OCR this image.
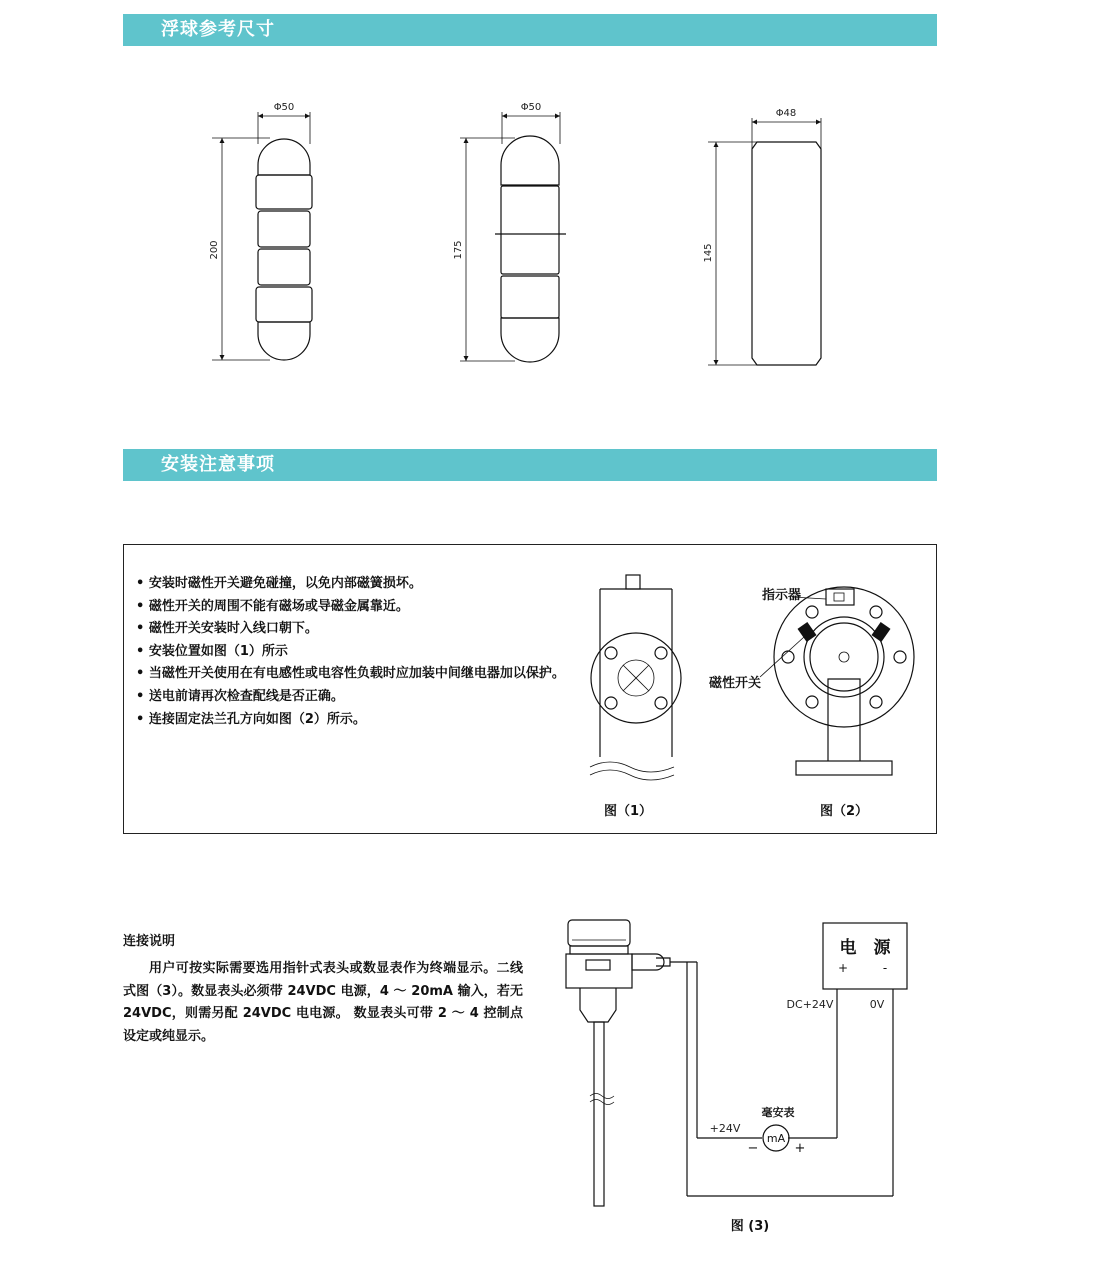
浮球参考尺寸
Φ50
200
Φ50
175
Φ48
145
安装注意事项
• 安装时磁性开关避免碰撞，以免内部磁簧损坏。
• 磁性开关的周围不能有磁场或导磁金属靠近。
• 磁性开关安装时入线口朝下。
• 安装位置如图（1）所示
• 当磁性开关使用在有电感性或电容性负载时应加装中间继电器加以保护。
• 送电前请再次检查配线是否正确。
• 连接固定法兰孔方向如图（2）所示。
图（1）
指示器
磁性开关
图（2）
连接说明
用户可按实际需要选用指针式表头或数显表作为终端显示。二线式图（3）。数显表头必须带 24VDC 电源，4 ～ 20mA 输入，若无 24VDC，则需另配 24VDC 电电源。 数显表头可带 2 ～ 4 控制点设定或纯显示。
电　源
+	-
DC+24V	0V
mA
毫安表
+24V
−	+
图 (3)
